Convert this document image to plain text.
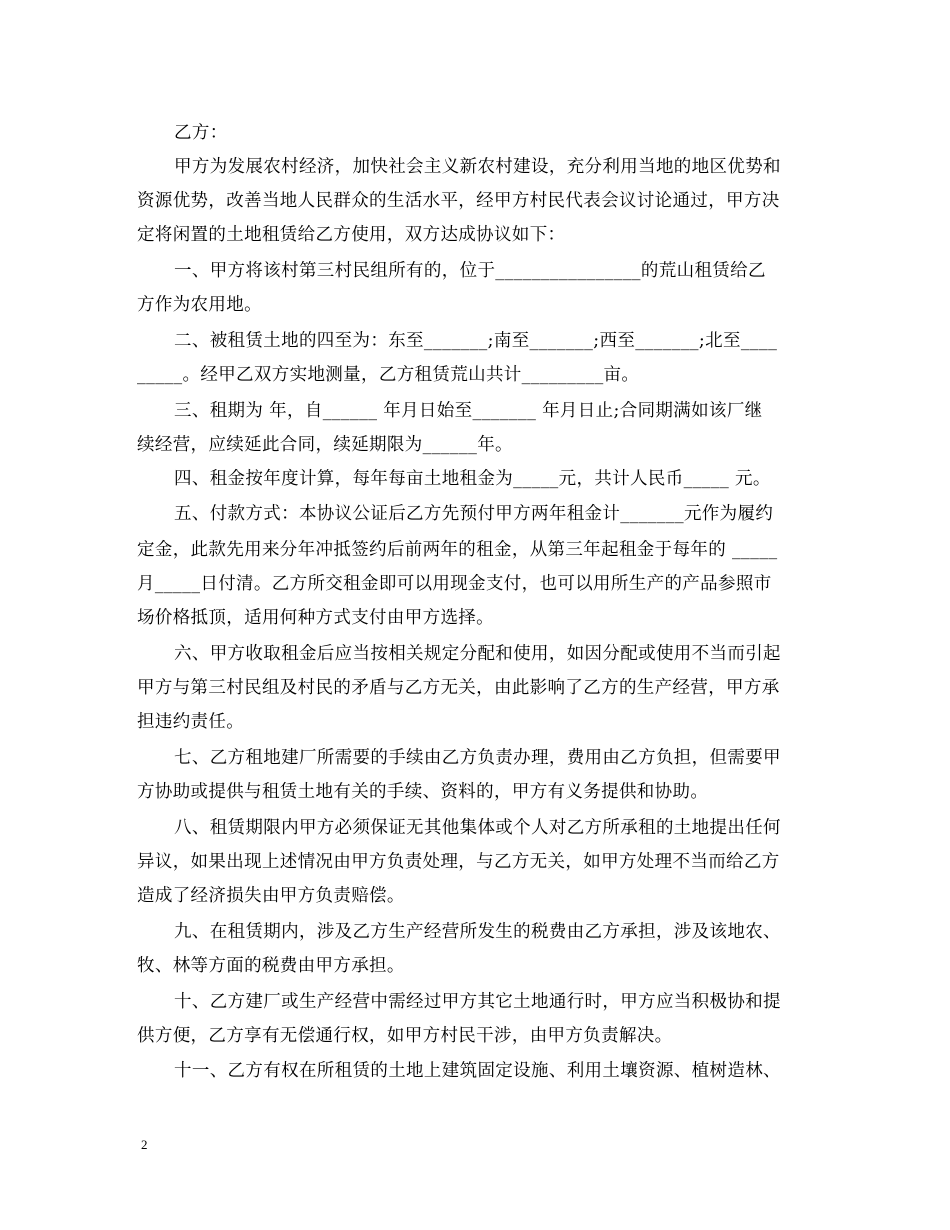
乙方：
甲方为发展农村经济，加快社会主义新农村建设，充分利用当地的地区优势和
资源优势，改善当地人民群众的生活水平，经甲方村民代表会议讨论通过，甲方决
定将闲置的土地租赁给乙方使用，双方达成协议如下：
一、甲方将该村第三村民组所有的，位于________________的荒山租赁给乙
方作为农用地。
二、被租赁土地的四至为：东至_______;南至_______;西至_______;北至____
_____。经甲乙双方实地测量，乙方租赁荒山共计_________亩。
三、租期为 年，自______ 年月日始至_______ 年月日止;合同期满如该厂继
续经营，应续延此合同，续延期限为______年。
四、租金按年度计算，每年每亩土地租金为_____元，共计人民币_____ 元。
五、付款方式：本协议公证后乙方先预付甲方两年租金计_______元作为履约
定金，此款先用来分年冲抵签约后前两年的租金，从第三年起租金于每年的 _____
月_____日付清。乙方所交租金即可以用现金支付，也可以用所生产的产品参照市
场价格抵顶，适用何种方式支付由甲方选择。
六、甲方收取租金后应当按相关规定分配和使用，如因分配或使用不当而引起
甲方与第三村民组及村民的矛盾与乙方无关，由此影响了乙方的生产经营，甲方承
担违约责任。
七、乙方租地建厂所需要的手续由乙方负责办理，费用由乙方负担，但需要甲
方协助或提供与租赁土地有关的手续、资料的，甲方有义务提供和协助。
八、租赁期限内甲方必须保证无其他集体或个人对乙方所承租的土地提出任何
异议，如果出现上述情况由甲方负责处理，与乙方无关，如甲方处理不当而给乙方
造成了经济损失由甲方负责赔偿。
九、在租赁期内，涉及乙方生产经营所发生的税费由乙方承担，涉及该地农、
牧、林等方面的税费由甲方承担。
十、乙方建厂或生产经营中需经过甲方其它土地通行时，甲方应当积极协和提
供方便，乙方享有无偿通行权，如甲方村民干涉，由甲方负责解决。
十一、乙方有权在所租赁的土地上建筑固定设施、利用土壤资源、植树造林、
2
